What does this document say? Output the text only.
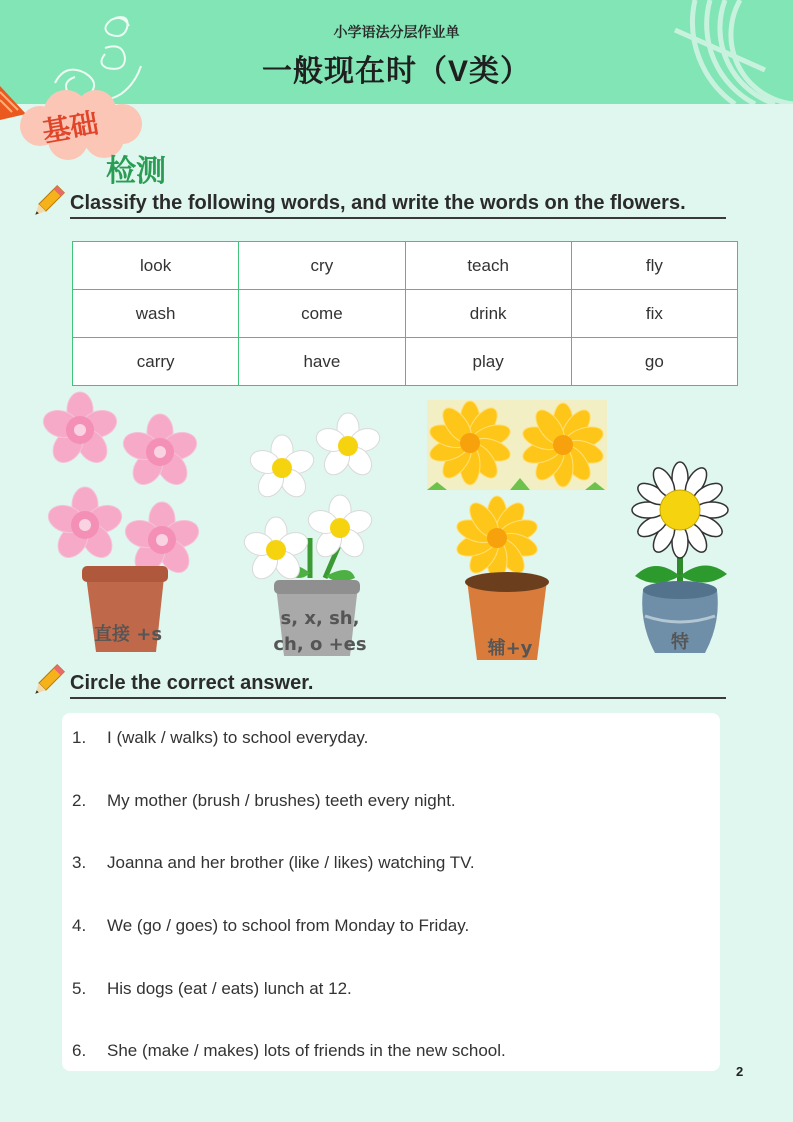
小学语法分层作业单
一般现在时（V类）
基础
检测
Classify the following words, and write the words on the flowers.
look	cry	teach	fly
wash	come	drink	fix
carry	have	play	go
直接 +s
s, x, sh,
ch, o +es	辅+y	特
Circle the correct answer.
1. I (walk / walks) to school everyday.
2. My mother (brush / brushes) teeth every night.
3. Joanna and her brother (like / likes) watching TV.
4. We (go / goes) to school from Monday to Friday.
5. His dogs (eat / eats) lunch at 12.
6. She (make / makes) lots of friends in the new school.
2
